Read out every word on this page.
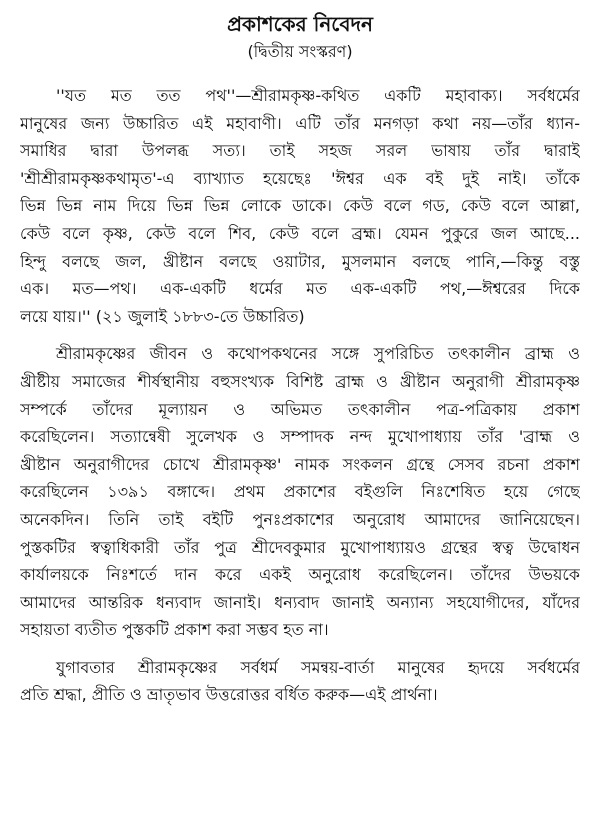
প্রকাশকের নিবেদন
(দ্বিতীয় সংস্করণ)
''যত মত তত পথ''—শ্রীরামকৃষ্ণ-কথিত একটি মহাবাক্য। সর্বধর্মের
মানুষের জন্য উচ্চারিত এই মহাবাণী। এটি তাঁর মনগড়া কথা নয়—তাঁর ধ্যান-
সমাধির দ্বারা উপলব্ধ সত্য। তাই সহজ সরল ভাষায় তাঁর দ্বারাই
'শ্রীশ্রীরামকৃষ্ণকথামৃত'-এ ব্যাখ্যাত হয়েছেঃ 'ঈশ্বর এক বই দুই নাই। তাঁকে
ভিন্ন ভিন্ন নাম দিয়ে ভিন্ন ভিন্ন লোকে ডাকে। কেউ বলে গড, কেউ বলে আল্লা,
কেউ বলে কৃষ্ণ, কেউ বলে শিব, কেউ বলে ব্রহ্ম। যেমন পুকুরে জল আছে...
হিন্দু বলছে জল, খ্রীষ্টান বলছে ওয়াটার, মুসলমান বলছে পানি,—কিন্তু বস্তু
এক। মত—পথ। এক-একটি ধর্মের মত এক-একটি পথ,—ঈশ্বরের দিকে
লয়ে যায়।'' (২১ জুলাই ১৮৮৩-তে উচ্চারিত)
শ্রীরামকৃষ্ণের জীবন ও কথোপকথনের সঙ্গে সুপরিচিত তৎকালীন ব্রাহ্ম ও
খ্রীষ্টীয় সমাজের শীর্ষস্থানীয় বহুসংখ্যক বিশিষ্ট ব্রাহ্ম ও খ্রীষ্টান অনুরাগী শ্রীরামকৃষ্ণ
সম্পর্কে তাঁদের মূল্যায়ন ও অভিমত তৎকালীন পত্র-পত্রিকায় প্রকাশ
করেছিলেন। সত্যান্বেষী সুলেখক ও সম্পাদক নন্দ মুখোপাধ্যায় তাঁর 'ব্রাহ্ম ও
খ্রীষ্টান অনুরাগীদের চোখে শ্রীরামকৃষ্ণ' নামক সংকলন গ্রন্থে সেসব রচনা প্রকাশ
করেছিলেন ১৩৯১ বঙ্গাব্দে। প্রথম প্রকাশের বইগুলি নিঃশেষিত হয়ে গেছে
অনেকদিন। তিনি তাই বইটি পুনঃপ্রকাশের অনুরোধ আমাদের জানিয়েছেন।
পুস্তকটির স্বত্বাধিকারী তাঁর পুত্র শ্রীদেবকুমার মুখোপাধ্যায়ও গ্রন্থের স্বত্ব উদ্বোধন
কার্যালয়কে নিঃশর্তে দান করে একই অনুরোধ করেছিলেন। তাঁদের উভয়কে
আমাদের আন্তরিক ধন্যবাদ জানাই। ধন্যবাদ জানাই অন্যান্য সহযোগীদের, যাঁদের
সহায়তা ব্যতীত পুস্তকটি প্রকাশ করা সম্ভব হত না।
যুগাবতার শ্রীরামকৃষ্ণের সর্বধর্ম সমন্বয়-বার্তা মানুষের হৃদয়ে সর্বধর্মের
প্রতি শ্রদ্ধা, প্রীতি ও ভ্রাতৃভাব উত্তরোত্তর বর্ধিত করুক—এই প্রার্থনা।
